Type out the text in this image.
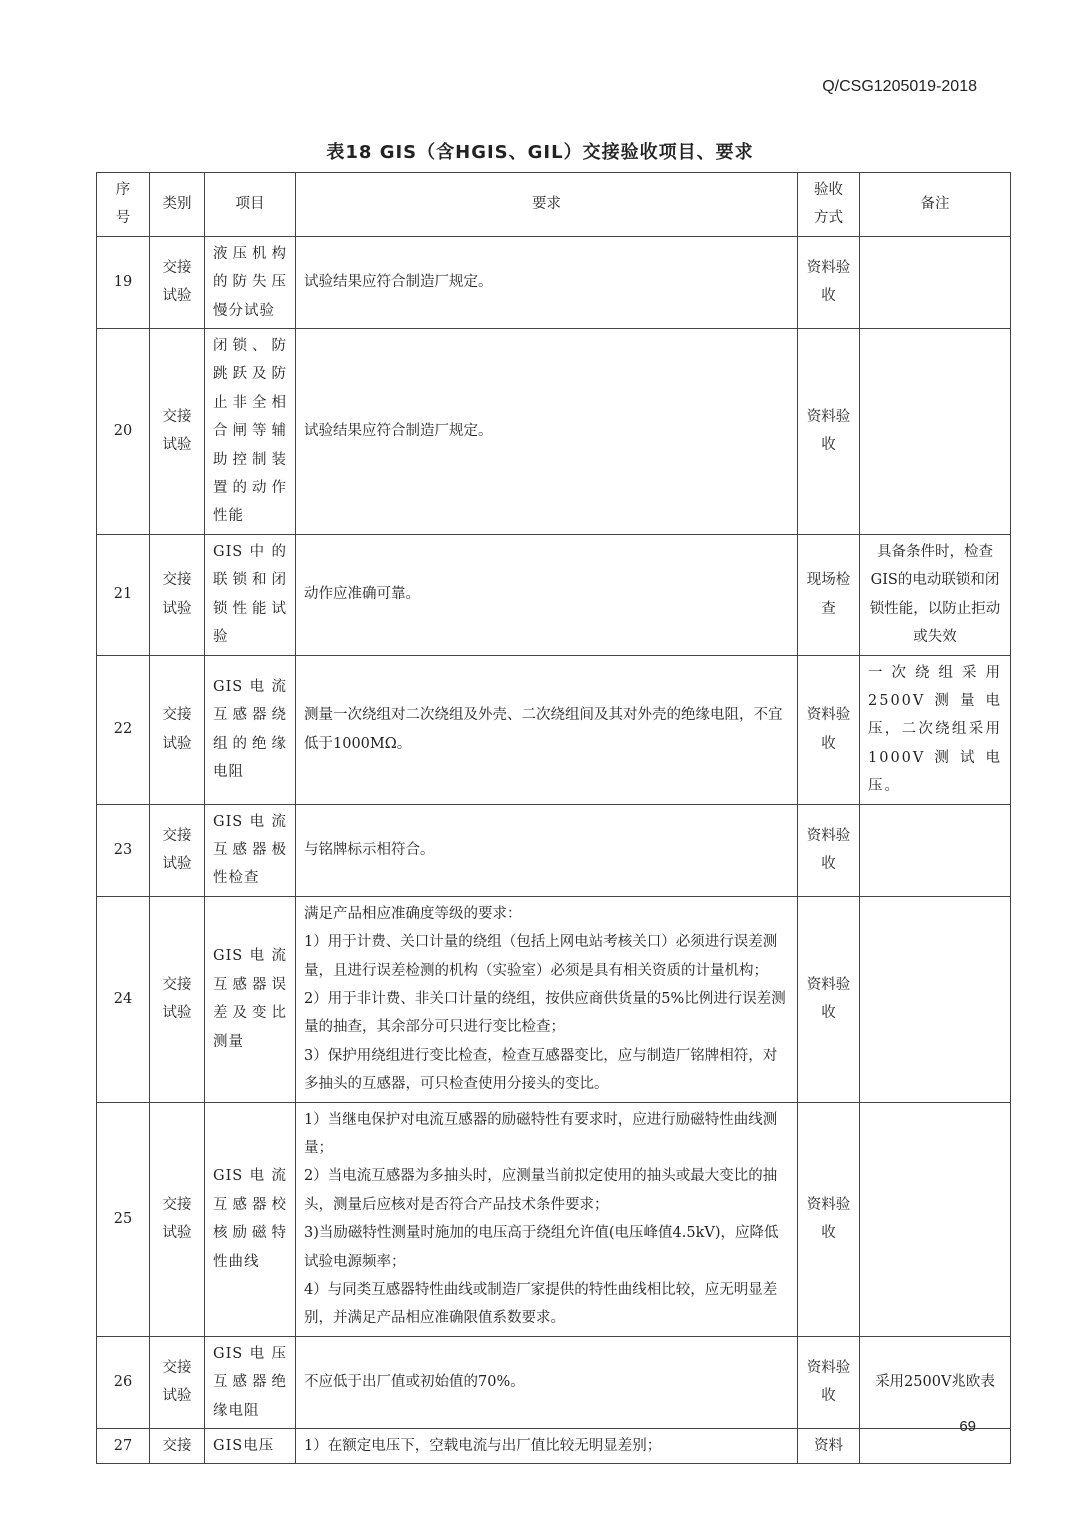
Q/CSG1205019-2018
表18 GIS（含HGIS、GIL）交接验收项目、要求
序号	类别	项目	要求	验收方式	备注
19	交接试验	液压机构的防失压慢分试验	试验结果应符合制造厂规定。	资料验收	
20	交接试验	闭锁、防跳跃及防止非全相合闸等辅助控制装置的动作性能	试验结果应符合制造厂规定。	资料验收	
21	交接试验	GIS中的联锁和闭锁性能试验	动作应准确可靠。	现场检查	具备条件时，检查GIS的电动联锁和闭锁性能，以防止拒动或失效
22	交接试验	GIS电流互感器绕组的绝缘电阻	测量一次绕组对二次绕组及外壳、二次绕组间及其对外壳的绝缘电阻，不宜低于1000MΩ。	资料验收	一次绕组采用2500V测量电压，二次绕组采用1000V测试电压。
23	交接试验	GIS电流互感器极性检查	与铭牌标示相符合。	资料验收	
24	交接试验	GIS电流互感器误差及变比测量	满足产品相应准确度等级的要求：
1）用于计费、关口计量的绕组（包括上网电站考核关口）必须进行误差测量，且进行误差检测的机构（实验室）必须是具有相关资质的计量机构；
2）用于非计费、非关口计量的绕组，按供应商供货量的5%比例进行误差测量的抽查，其余部分可只进行变比检查；
3）保护用绕组进行变比检查，检查互感器变比，应与制造厂铭牌相符，对多抽头的互感器，可只检查使用分接头的变比。	资料验收	
25	交接试验	GIS电流互感器校核励磁特性曲线	1）当继电保护对电流互感器的励磁特性有要求时，应进行励磁特性曲线测量；
2）当电流互感器为多抽头时，应测量当前拟定使用的抽头或最大变比的抽头，测量后应核对是否符合产品技术条件要求；
3)当励磁特性测量时施加的电压高于绕组允许值(电压峰值4.5kV)，应降低试验电源频率；
4）与同类互感器特性曲线或制造厂家提供的特性曲线相比较，应无明显差别，并满足产品相应准确限值系数要求。	资料验收	
26	交接试验	GIS电压互感器绝缘电阻	不应低于出厂值或初始值的70%。	资料验收	采用2500V兆欧表
27	交接	GIS电压	1）在额定电压下，空载电流与出厂值比较无明显差别；	资料	
69
